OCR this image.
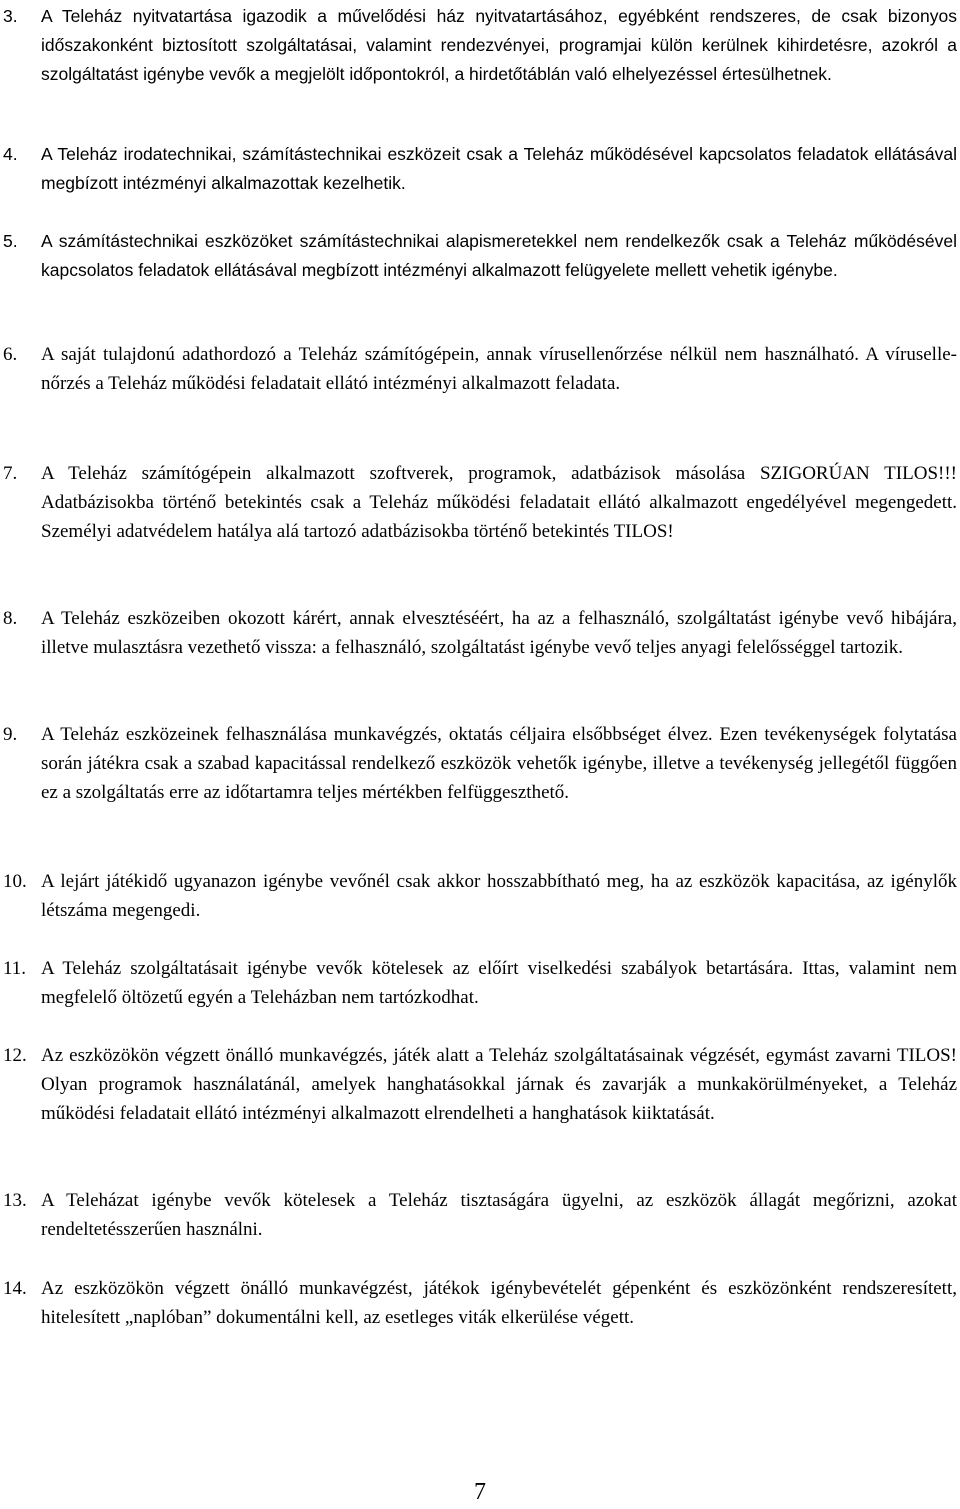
3. A Teleház nyitvatartása igazodik a művelődési ház nyitvatartásához, egyébként rendszeres, de csak bizonyos időszakonként biztosított szolgáltatásai, valamint rendezvényei, programjai külön kerülnek kihirdetésre, azokról a szolgáltatást igénybe vevők a megjelölt időpontokról, a hirdetőtáblán való elhelyezéssel értesülhetnek.
4. A Teleház irodatechnikai, számítástechnikai eszközeit csak a Teleház működésével kapcsolatos feladatok ellátásával megbízott intézményi alkalmazottak kezelhetik.
5. A számítástechnikai eszközöket számítástechnikai alapismeretekkel nem rendelkezők csak a Teleház működésével kapcsolatos feladatok ellátásával megbízott intézményi alkalmazott felügyelete mellett vehetik igénybe.
6. A saját tulajdonú adathordozó a Teleház számítógépein, annak vírusellenőrzése nélkül nem használható. A vírusellenőrzés a Teleház működési feladatait ellátó intézményi alkalmazott feladata.
7. A Teleház számítógépein alkalmazott szoftverek, programok, adatbázisok másolása SZIGORÚAN TILOS!!! Adatbázisokba történő betekintés csak a Teleház működési feladatait ellátó alkalmazott engedélyével megengedett. Személyi adatvédelem hatálya alá tartozó adatbázisokba történő betekintés TILOS!
8. A Teleház eszközeiben okozott kárért, annak elvesztéséért, ha az a felhasználó, szolgáltatást igénybe vevő hibájára, illetve mulasztásra vezethető vissza: a felhasználó, szolgáltatást igénybe vevő teljes anyagi felelősséggel tartozik.
9. A Teleház eszközeinek felhasználása munkavégzés, oktatás céljaira elsőbbséget élvez. Ezen tevékenységek folytatása során játékra csak a szabad kapacitással rendelkező eszközök vehetők igénybe, illetve a tevékenység jellegétől függően ez a szolgáltatás erre az időtartamra teljes mértékben felfüggeszthető.
10. A lejárt játékidő ugyanazon igénybe vevőnél csak akkor hosszabbítható meg, ha az eszközök kapacitása, az igénylők létszáma megengedi.
11. A Teleház szolgáltatásait igénybe vevők kötelesek az előírt viselkedési szabályok betartására. Ittas, valamint nem megfelelő öltözetű egyén a Teleházban nem tartózkodhat.
12. Az eszközökön végzett önálló munkavégzés, játék alatt a Teleház szolgáltatásainak végzését, egymást zavarni TILOS! Olyan programok használatánál, amelyek hanghatásokkal járnak és zavarják a munkakörülményeket, a Teleház működési feladatait ellátó intézményi alkalmazott elrendelheti a hanghatások kiiktatását.
13. A Teleházat igénybe vevők kötelesek a Teleház tisztaságára ügyelni, az eszközök állagát megőrizni, azokat rendeltetésszerűen használni.
14. Az eszközökön végzett önálló munkavégzést, játékok igénybevételét gépenként és eszközönként rendszeresített, hitelesített „naplóban” dokumentálni kell, az esetleges viták elkerülése végett.
7
